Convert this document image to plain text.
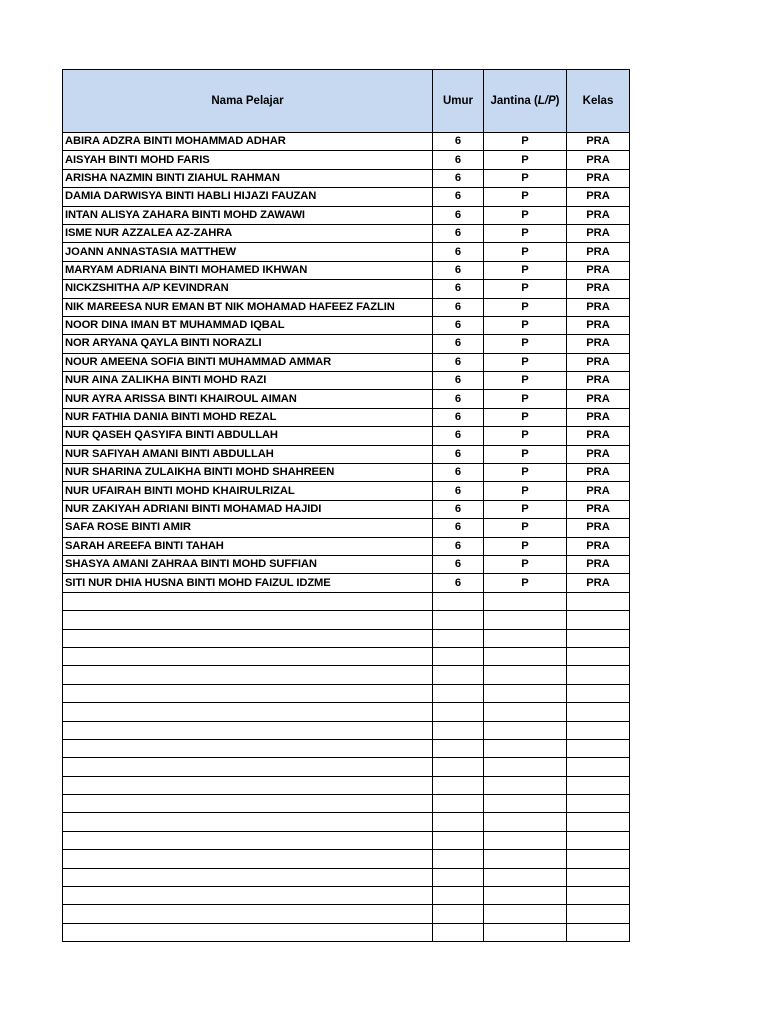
Nama Pelajar	Umur	Jantina (L/P)	Kelas
ABIRA ADZRA BINTI MOHAMMAD ADHAR	6	P	PRA
AISYAH BINTI MOHD FARIS	6	P	PRA
ARISHA NAZMIN BINTI ZIAHUL RAHMAN	6	P	PRA
DAMIA DARWISYA BINTI HABLI HIJAZI FAUZAN	6	P	PRA
INTAN ALISYA ZAHARA BINTI MOHD ZAWAWI	6	P	PRA
ISME NUR AZZALEA AZ-ZAHRA	6	P	PRA
JOANN ANNASTASIA MATTHEW	6	P	PRA
MARYAM ADRIANA BINTI MOHAMED IKHWAN	6	P	PRA
NICKZSHITHA A/P KEVINDRAN	6	P	PRA
NIK MAREESA NUR EMAN BT NIK MOHAMAD HAFEEZ FAZLIN	6	P	PRA
NOOR DINA IMAN BT MUHAMMAD IQBAL	6	P	PRA
NOR ARYANA QAYLA BINTI NORAZLI	6	P	PRA
NOUR AMEENA SOFIA BINTI MUHAMMAD AMMAR	6	P	PRA
NUR AINA ZALIKHA BINTI MOHD RAZI	6	P	PRA
NUR AYRA ARISSA BINTI KHAIROUL AIMAN	6	P	PRA
NUR FATHIA DANIA BINTI MOHD REZAL	6	P	PRA
NUR QASEH QASYIFA BINTI ABDULLAH	6	P	PRA
NUR SAFIYAH AMANI BINTI ABDULLAH	6	P	PRA
NUR SHARINA ZULAIKHA BINTI MOHD SHAHREEN	6	P	PRA
NUR UFAIRAH BINTI MOHD KHAIRULRIZAL	6	P	PRA
NUR ZAKIYAH ADRIANI BINTI MOHAMAD HAJIDI	6	P	PRA
SAFA ROSE BINTI AMIR	6	P	PRA
SARAH AREEFA BINTI TAHAH	6	P	PRA
SHASYA AMANI ZAHRAA BINTI MOHD SUFFIAN	6	P	PRA
SITI NUR DHIA HUSNA BINTI MOHD FAIZUL IDZME	6	P	PRA
